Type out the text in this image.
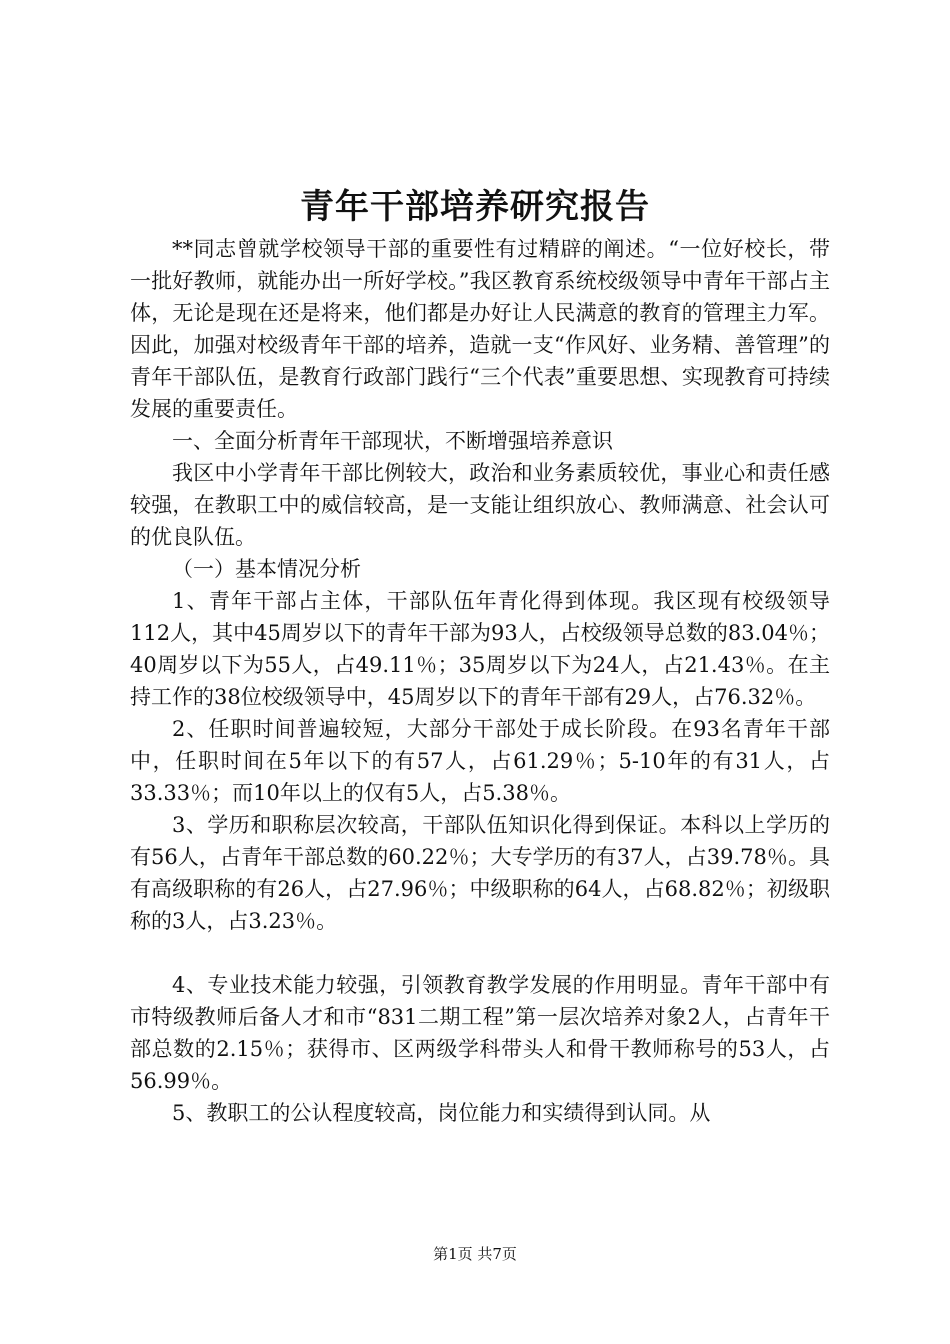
青年干部培养研究报告

**同志曾就学校领导干部的重要性有过精辟的阐述。“一位好校长，带一批好教师，就能办出一所好学校。”我区教育系统校级领导中青年干部占主体，无论是现在还是将来，他们都是办好让人民满意的教育的管理主力军。因此，加强对校级青年干部的培养，造就一支“作风好、业务精、善管理”的青年干部队伍，是教育行政部门践行“三个代表”重要思想、实现教育可持续发展的重要责任。

一、全面分析青年干部现状，不断增强培养意识

我区中小学青年干部比例较大，政治和业务素质较优，事业心和责任感较强，在教职工中的威信较高，是一支能让组织放心、教师满意、社会认可的优良队伍。

（一）基本情况分析

1、青年干部占主体，干部队伍年青化得到体现。我区现有校级领导112人，其中45周岁以下的青年干部为93人，占校级领导总数的83.04％；40周岁以下为55人，占49.11％；35周岁以下为24人，占21.43％。在主持工作的38位校级领导中，45周岁以下的青年干部有29人，占76.32％。

2、任职时间普遍较短，大部分干部处于成长阶段。在93名青年干部中，任职时间在5年以下的有57人，占61.29％；5-10年的有31人，占33.33％；而10年以上的仅有5人，占5.38％。

3、学历和职称层次较高，干部队伍知识化得到保证。本科以上学历的有56人，占青年干部总数的60.22％；大专学历的有37人，占39.78％。具有高级职称的有26人，占27.96％；中级职称的64人，占68.82％；初级职称的3人，占3.23％。

4、专业技术能力较强，引领教育教学发展的作用明显。青年干部中有市特级教师后备人才和市“831二期工程”第一层次培养对象2人，占青年干部总数的2.15％；获得市、区两级学科带头人和骨干教师称号的53人，占56.99％。

5、教职工的公认程度较高，岗位能力和实绩得到认同。从

第1页 共7页
